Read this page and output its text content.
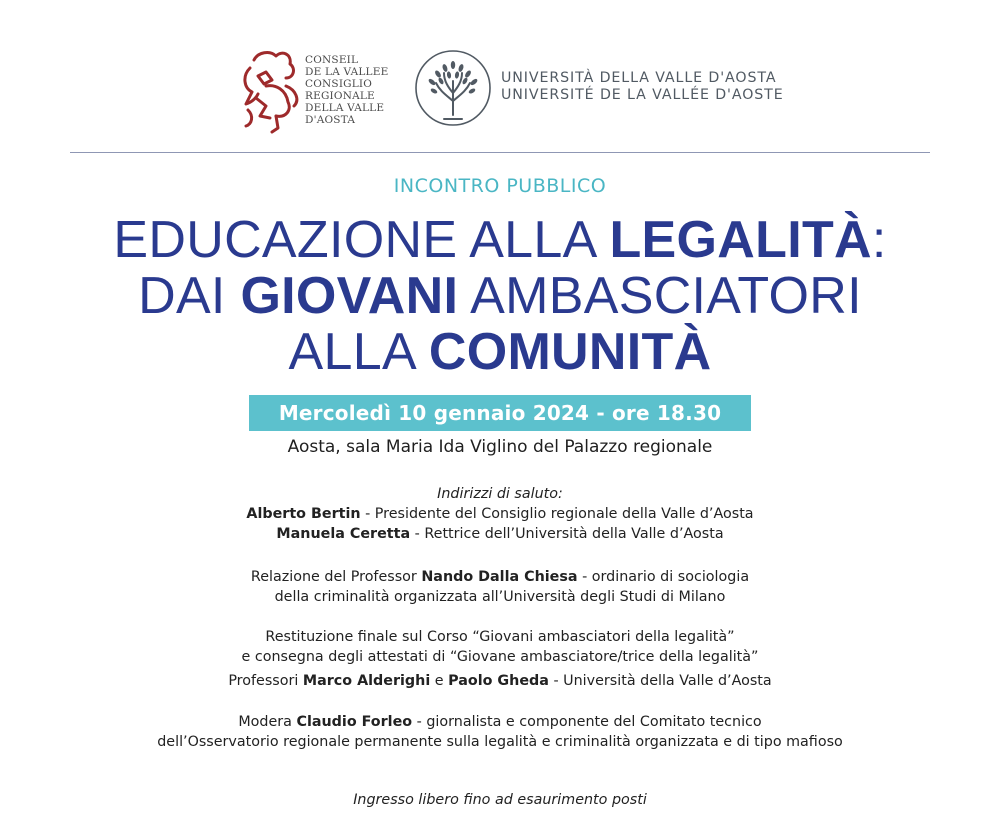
CONSEIL
DE LA VALLEE
CONSIGLIO
REGIONALE
DELLA VALLE
D'AOSTA
UNIVERSITÀ DELLA VALLE D'AOSTA
UNIVERSITÉ DE LA VALLÉE D'AOSTE
INCONTRO PUBBLICO
EDUCAZIONE ALLA LEGALITÀ:
DAI GIOVANI AMBASCIATORI
ALLA COMUNITÀ
Mercoledì 10 gennaio 2024 - ore 18.30
Aosta, sala Maria Ida Viglino del Palazzo regionale
Indirizzi di saluto:
Alberto Bertin - Presidente del Consiglio regionale della Valle d’Aosta
Manuela Ceretta - Rettrice dell’Università della Valle d’Aosta
Relazione del Professor Nando Dalla Chiesa - ordinario di sociologia
della criminalità organizzata all’Università degli Studi di Milano
Restituzione finale sul Corso “Giovani ambasciatori della legalità”
e consegna degli attestati di “Giovane ambasciatore/trice della legalità”
Professori Marco Alderighi e Paolo Gheda - Università della Valle d’Aosta
Modera Claudio Forleo - giornalista e componente del Comitato tecnico
dell’Osservatorio regionale permanente sulla legalità e criminalità organizzata e di tipo mafioso
Ingresso libero fino ad esaurimento posti
